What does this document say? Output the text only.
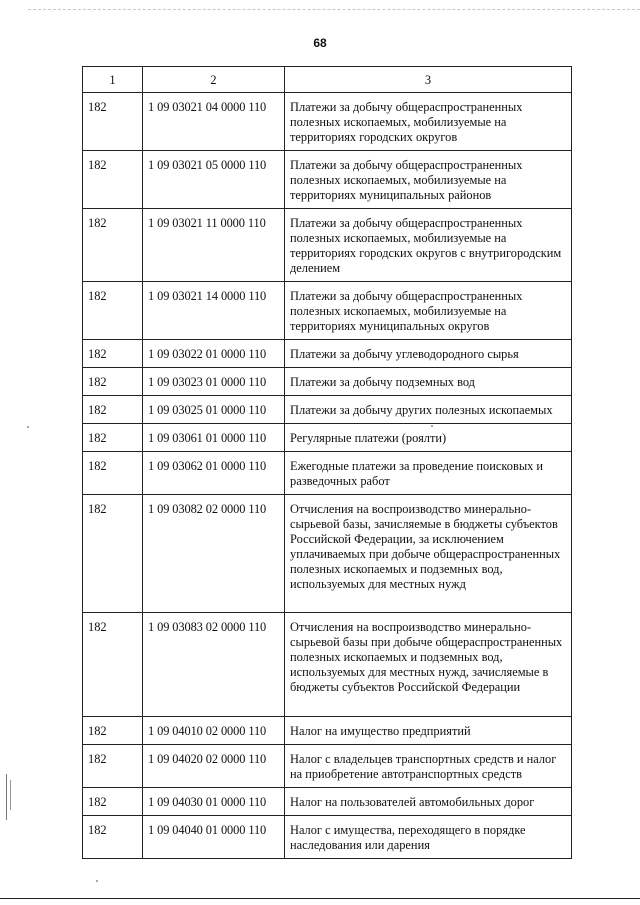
68
1	2	3
182	1 09 03021 04 0000 110	Платежи за добычу общераспространенных полезных ископаемых, мобилизуемые на территориях городских округов
182	1 09 03021 05 0000 110	Платежи за добычу общераспространенных полезных ископаемых, мобилизуемые на территориях муниципальных районов
182	1 09 03021 11 0000 110	Платежи за добычу общераспространенных полезных ископаемых, мобилизуемые на территориях городских округов с внутригородским делением
182	1 09 03021 14 0000 110	Платежи за добычу общераспространенных полезных ископаемых, мобилизуемые на территориях муниципальных округов
182	1 09 03022 01 0000 110	Платежи за добычу углеводородного сырья
182	1 09 03023 01 0000 110	Платежи за добычу подземных вод
182	1 09 03025 01 0000 110	Платежи за добычу других полезных ископаемых
182	1 09 03061 01 0000 110	Регулярные платежи (роялти)
182	1 09 03062 01 0000 110	Ежегодные платежи за проведение поисковых и разведочных работ
182	1 09 03082 02 0000 110	Отчисления на воспроизводство минерально-сырьевой базы, зачисляемые в бюджеты субъектов Российской Федерации, за исключением уплачиваемых при добыче общераспространенных полезных ископаемых и подземных вод, используемых для местных нужд
182	1 09 03083 02 0000 110	Отчисления на воспроизводство минерально-сырьевой базы при добыче общераспространенных полезных ископаемых и подземных вод, используемых для местных нужд, зачисляемые в бюджеты субъектов Российской Федерации
182	1 09 04010 02 0000 110	Налог на имущество предприятий
182	1 09 04020 02 0000 110	Налог с владельцев транспортных средств и налог на приобретение автотранспортных средств
182	1 09 04030 01 0000 110	Налог на пользователей автомобильных дорог
182	1 09 04040 01 0000 110	Налог с имущества, переходящего в порядке наследования или дарения
